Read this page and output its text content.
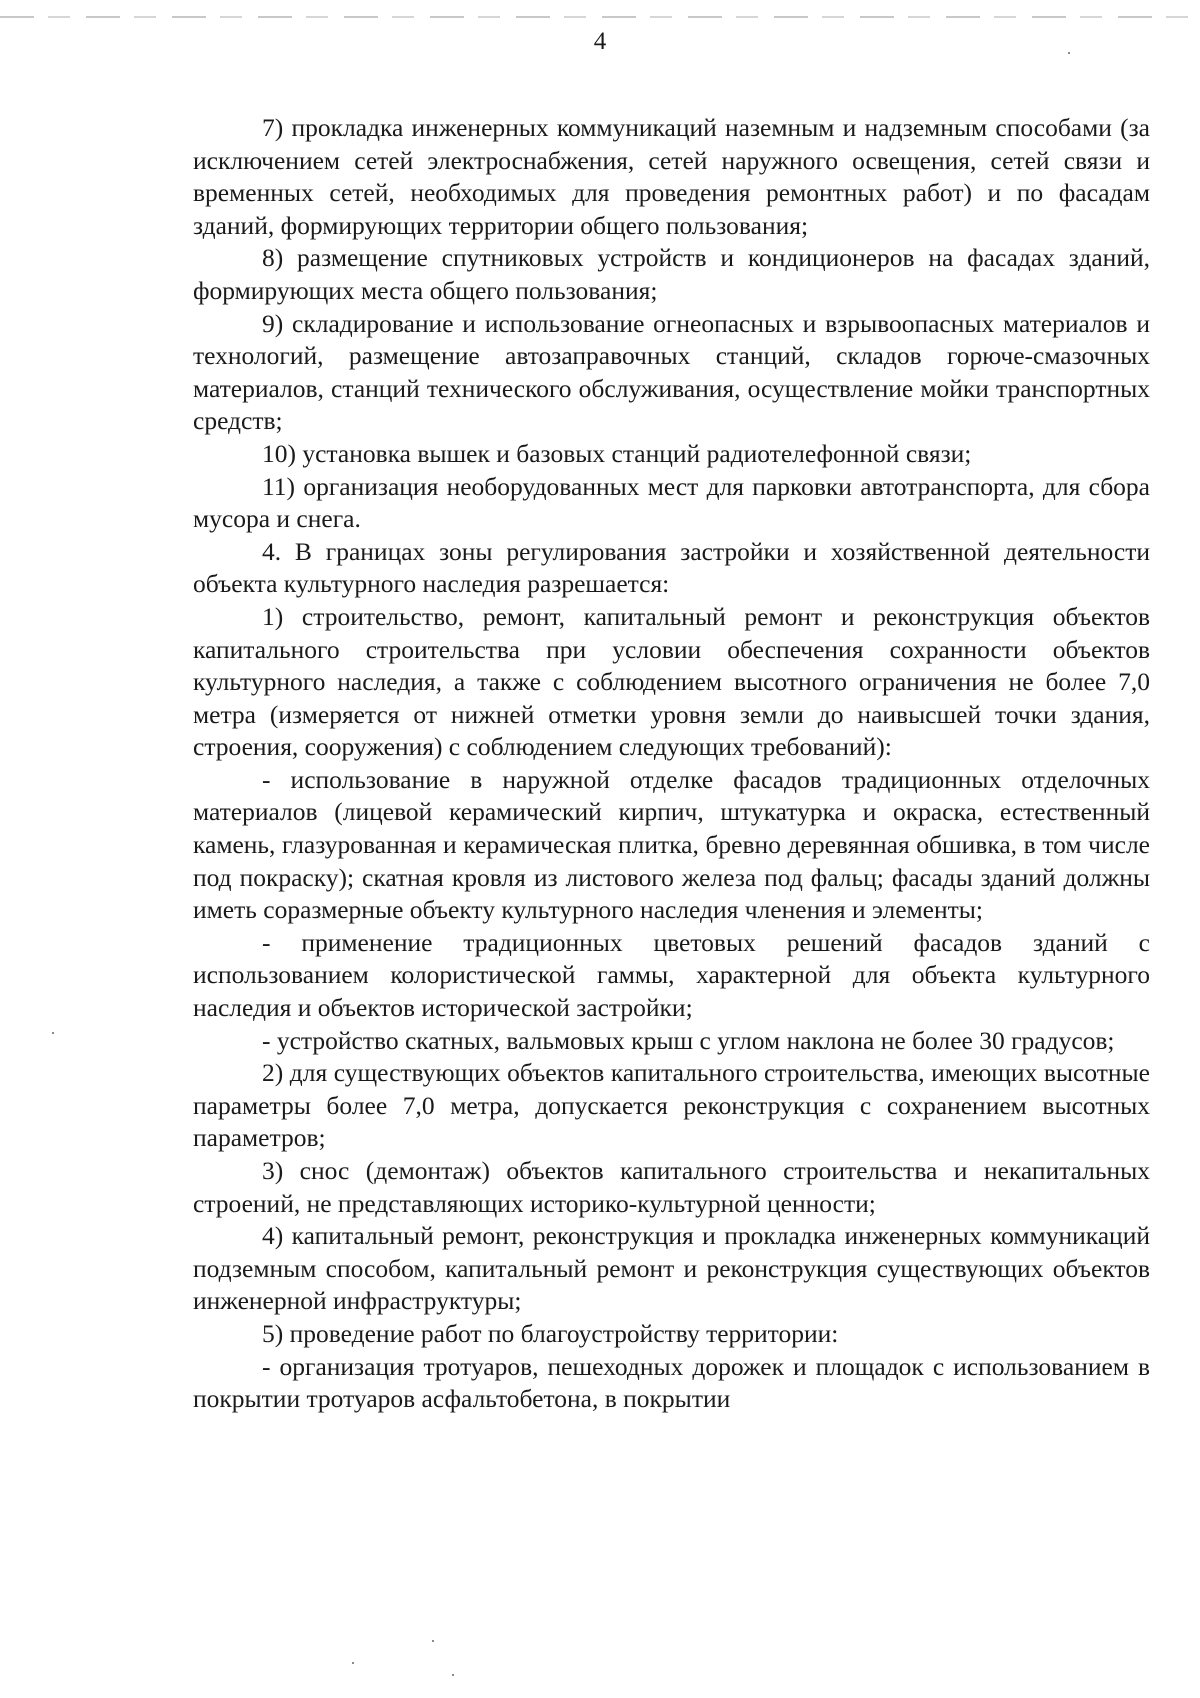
4

7) прокладка инженерных коммуникаций наземным и надземным способами (за исключением сетей электроснабжения, сетей наружного освещения, сетей связи и временных сетей, необходимых для проведения ремонтных работ) и по фасадам зданий, формирующих территории общего пользования;

8) размещение спутниковых устройств и кондиционеров на фасадах зданий, формирующих места общего пользования;

9) складирование и использование огнеопасных и взрывоопасных материалов и технологий, размещение автозаправочных станций, складов горюче-смазочных материалов, станций технического обслуживания, осуществление мойки транспортных средств;

10) установка вышек и базовых станций радиотелефонной связи;

11) организация необорудованных мест для парковки автотранспорта, для сбора мусора и снега.

4. В границах зоны регулирования застройки и хозяйственной деятельности объекта культурного наследия разрешается:

1) строительство, ремонт, капитальный ремонт и реконструкция объектов капитального строительства при условии обеспечения сохранности объектов культурного наследия, а также с соблюдением высотного ограничения не более 7,0 метра (измеряется от нижней отметки уровня земли до наивысшей точки здания, строения, сооружения) с соблюдением следующих требований):

- использование в наружной отделке фасадов традиционных отделочных материалов (лицевой керамический кирпич, штукатурка и окраска, естественный камень, глазурованная и керамическая плитка, бревно деревянная обшивка, в том числе под покраску); скатная кровля из листового железа под фальц; фасады зданий должны иметь соразмерные объекту культурного наследия членения и элементы;

- применение традиционных цветовых решений фасадов зданий с использованием колористической гаммы, характерной для объекта культурного наследия и объектов исторической застройки;

- устройство скатных, вальмовых крыш с углом наклона не более 30 градусов;

2) для существующих объектов капитального строительства, имеющих высотные параметры более 7,0 метра, допускается реконструкция с сохранением высотных параметров;

3) снос (демонтаж) объектов капитального строительства и некапитальных строений, не представляющих историко-культурной ценности;

4) капитальный ремонт, реконструкция и прокладка инженерных коммуникаций подземным способом, капитальный ремонт и реконструкция существующих объектов инженерной инфраструктуры;

5) проведение работ по благоустройству территории:

- организация тротуаров, пешеходных дорожек и площадок с использованием в покрытии тротуаров асфальтобетона, в покрытии
